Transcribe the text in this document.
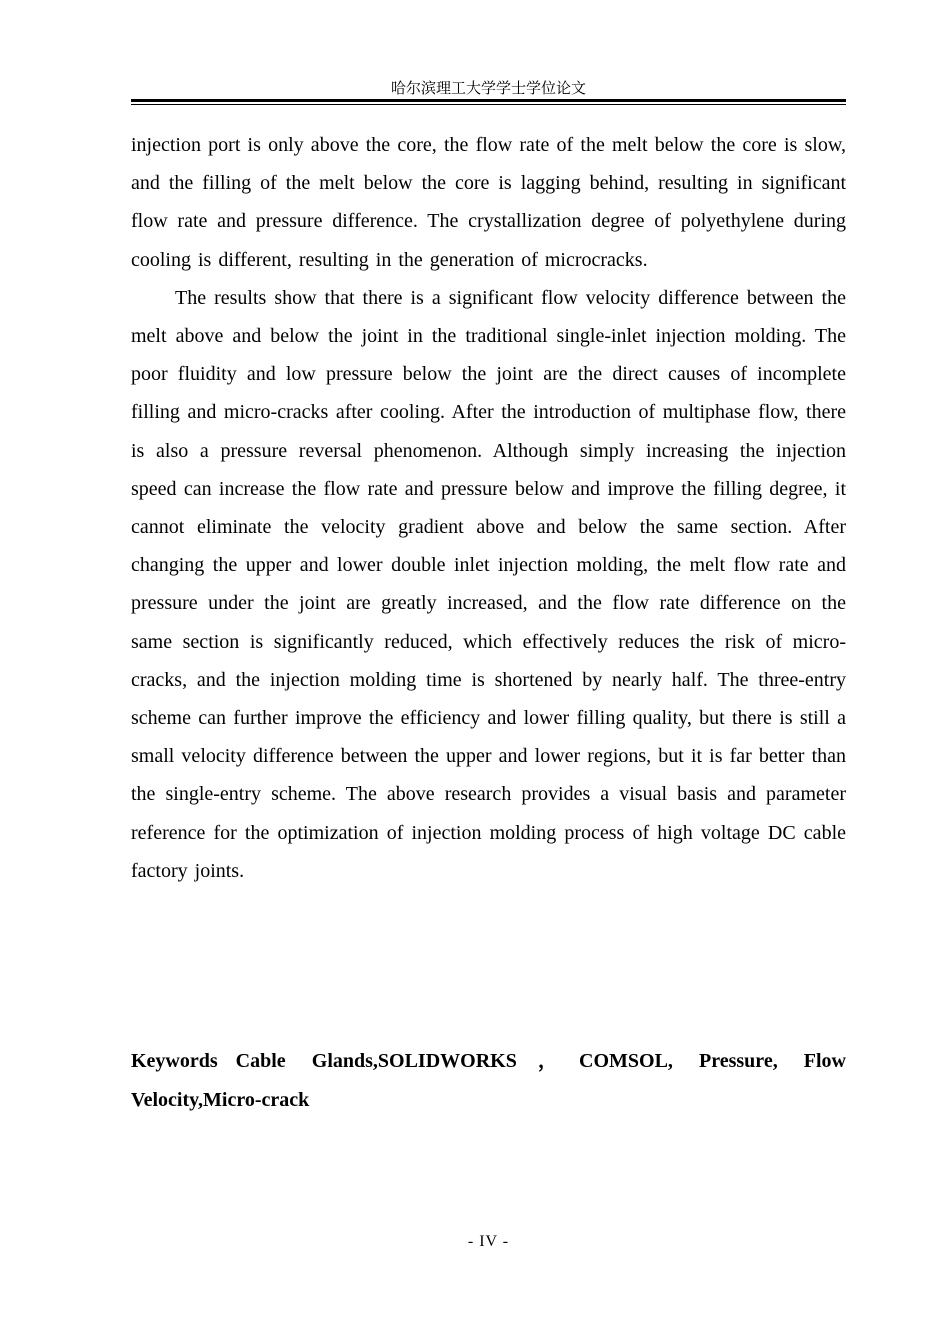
哈尔滨理工大学学士学位论文

injection port is only above the core, the flow rate of the melt below the core is slow, and the filling of the melt below the core is lagging behind, resulting in significant flow rate and pressure difference. The crystallization degree of polyethylene during cooling is different, resulting in the generation of microcracks.

The results show that there is a significant flow velocity difference between the melt above and below the joint in the traditional single-inlet injection molding. The poor fluidity and low pressure below the joint are the direct causes of incomplete filling and micro-cracks after cooling. After the introduction of multiphase flow, there is also a pressure reversal phenomenon. Although simply increasing the injection speed can increase the flow rate and pressure below and improve the filling degree, it cannot eliminate the velocity gradient above and below the same section. After changing the upper and lower double inlet injection molding, the melt flow rate and pressure under the joint are greatly increased, and the flow rate difference on the same section is significantly reduced, which effectively reduces the risk of micro-cracks, and the injection molding time is shortened by nearly half. The three-entry scheme can further improve the efficiency and lower filling quality, but there is still a small velocity difference between the upper and lower regions, but it is far better than the single-entry scheme. The above research provides a visual basis and parameter reference for the optimization of injection molding process of high voltage DC cable factory joints.

Keywords Cable Glands,SOLIDWORKS，COMSOL, Pressure, Flow Velocity,Micro-crack
- IV -
